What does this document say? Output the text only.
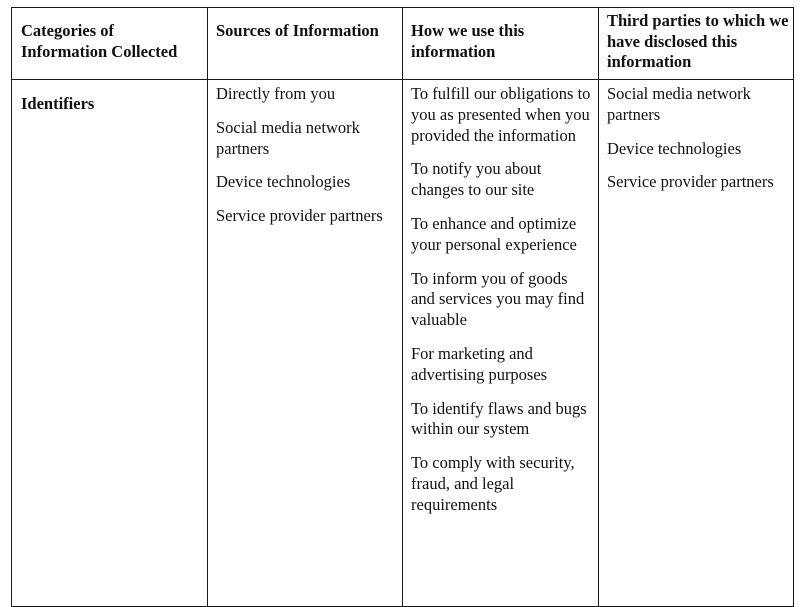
Categories of Information Collected
Sources of Information	How we use this information
Third parties to which we have disclosed this information
Identifiers
Directly from you
Social media network partners
Device technologies
Service provider partners
To fulfill our obligations to you as presented when you provided the information
To notify you about changes to our site
To enhance and optimize your personal experience
To inform you of goods and services you may find valuable
For marketing and advertising purposes
To identify flaws and bugs within our system
To comply with security, fraud, and legal requirements
Social media network partners
Device technologies
Service provider partners
